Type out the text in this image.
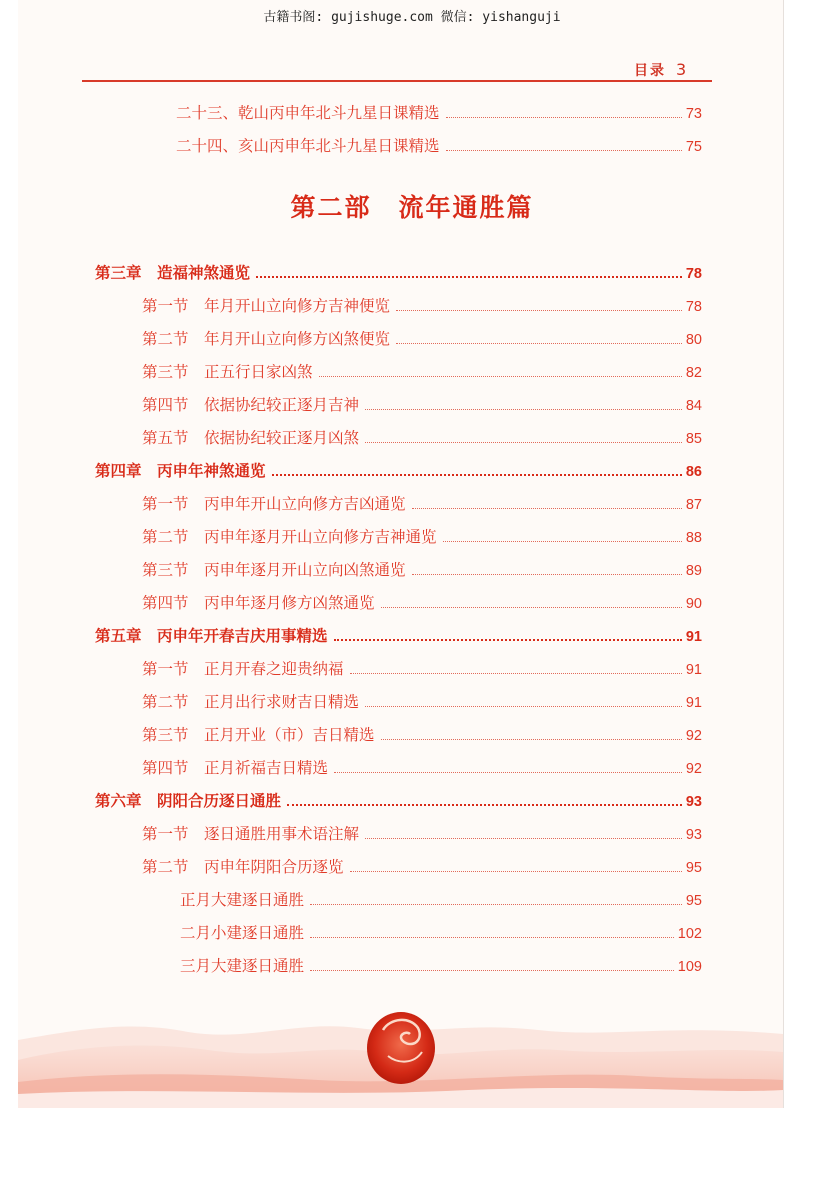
古籍书阁: gujishuge.com 微信: yishanguji
目录 3
第二部　流年通胜篇
二十三、乾山丙申年北斗九星日课精选	73
二十四、亥山丙申年北斗九星日课精选	75
第三章　造福神煞通览	78
第一节　年月开山立向修方吉神便览	78
第二节　年月开山立向修方凶煞便览	80
第三节　正五行日家凶煞	82
第四节　依据协纪较正逐月吉神	84
第五节　依据协纪较正逐月凶煞	85
第四章　丙申年神煞通览	86
第一节　丙申年开山立向修方吉凶通览	87
第二节　丙申年逐月开山立向修方吉神通览	88
第三节　丙申年逐月开山立向凶煞通览	89
第四节　丙申年逐月修方凶煞通览	90
第五章　丙申年开春吉庆用事精选	91
第一节　正月开春之迎贵纳福	91
第二节　正月出行求财吉日精选	91
第三节　正月开业（市）吉日精选	92
第四节　正月祈福吉日精选	92
第六章　阴阳合历逐日通胜	93
第一节　逐日通胜用事术语注解	93
第二节　丙申年阴阳合历逐览	95
正月大建逐日通胜	95
二月小建逐日通胜	102
三月大建逐日通胜	109
